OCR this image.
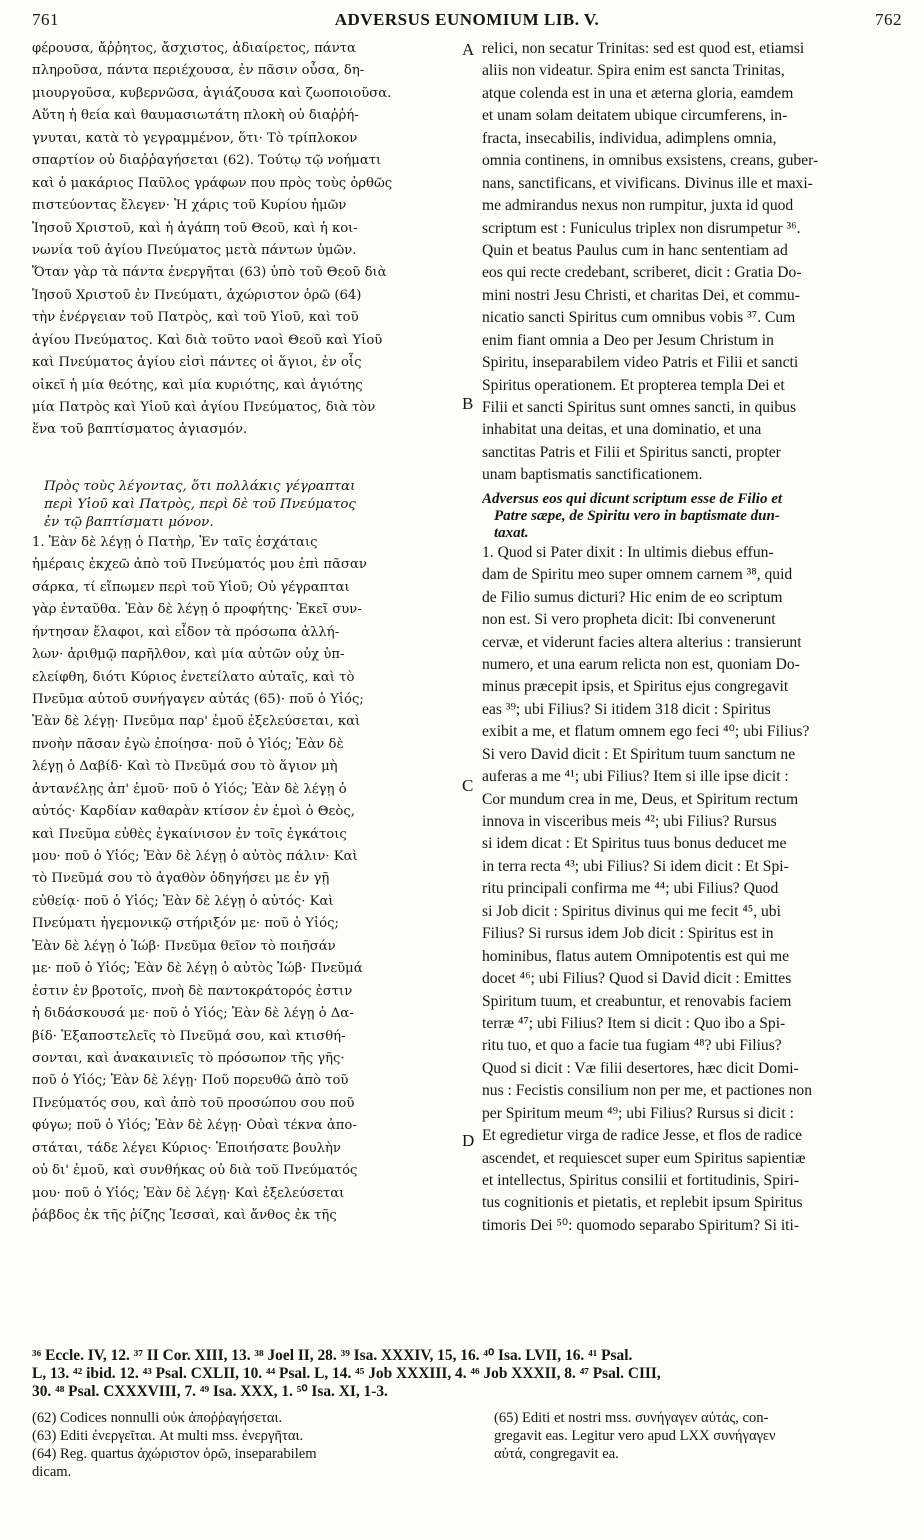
761	ADVERSUS EUNOMIUM LIB. V.	762
A
B
C
D
φέρουσα, ἄῤῥητος, ἄσχιστος, ἀδιαίρετος, πάντα
πληροῦσα, πάντα περιέχουσα, ἐν πᾶσιν οὖσα, δη-
μιουργοῦσα, κυβερνῶσα, ἁγιάζουσα καὶ ζωοποιοῦσα.
Αὕτη ἡ θεία καὶ θαυμασιωτάτη πλοκὴ οὐ διαῤῥή-
γνυται, κατὰ τὸ γεγραμμένον, ὅτι· Τὸ τρίπλοκον
σπαρτίον οὐ διαῤῥαγήσεται (62). Τούτῳ τῷ νοήματι
καὶ ὁ μακάριος Παῦλος γράφων που πρὸς τοὺς ὀρθῶς
πιστεύοντας ἔλεγεν· Ἡ χάρις τοῦ Κυρίου ἡμῶν
Ἰησοῦ Χριστοῦ, καὶ ἡ ἀγάπη τοῦ Θεοῦ, καὶ ἡ κοι-
νωνία τοῦ ἁγίου Πνεύματος μετὰ πάντων ὑμῶν.
Ὅταν γὰρ τὰ πάντα ἐνεργῆται (63) ὑπὸ τοῦ Θεοῦ διὰ
Ἰησοῦ Χριστοῦ ἐν Πνεύματι, ἀχώριστον ὁρῶ (64)
τὴν ἐνέργειαν τοῦ Πατρὸς, καὶ τοῦ Υἱοῦ, καὶ τοῦ
ἁγίου Πνεύματος. Καὶ διὰ τοῦτο ναοὶ Θεοῦ καὶ Υἱοῦ
καὶ Πνεύματος ἁγίου εἰσὶ πάντες οἱ ἅγιοι, ἐν οἷς
οἰκεῖ ἡ μία θεότης, καὶ μία κυριότης, καὶ ἁγιότης
μία Πατρὸς καὶ Υἱοῦ καὶ ἁγίου Πνεύματος, διὰ τὸν
ἕνα τοῦ βαπτίσματος ἁγιασμόν.
Πρὸς τοὺς λέγοντας, ὅτι πολλάκις γέγραπται
περὶ Υἱοῦ καὶ Πατρὸς, περὶ δὲ τοῦ Πνεύματος
ἐν τῷ βαπτίσματι μόνον.
1. Ἐὰν δὲ λέγῃ ὁ Πατὴρ, Ἐν ταῖς ἐσχάταις
ἡμέραις ἐκχεῶ ἀπὸ τοῦ Πνεύματός μου ἐπὶ πᾶσαν
σάρκα, τί εἴπωμεν περὶ τοῦ Υἱοῦ; Οὐ γέγραπται
γὰρ ἐνταῦθα. Ἐὰν δὲ λέγῃ ὁ προφήτης· Ἐκεῖ συν-
ήντησαν ἔλαφοι, καὶ εἶδον τὰ πρόσωπα ἀλλή-
λων· ἀριθμῷ παρῆλθον, καὶ μία αὐτῶν οὐχ ὑπ-
ελείφθη, διότι Κύριος ἐνετείλατο αὐταῖς, καὶ τὸ
Πνεῦμα αὐτοῦ συνήγαγεν αὐτάς (65)· ποῦ ὁ Υἱός;
Ἐὰν δὲ λέγῃ· Πνεῦμα παρ' ἐμοῦ ἐξελεύσεται, καὶ
πνοὴν πᾶσαν ἐγὼ ἐποίησα· ποῦ ὁ Υἱός; Ἐὰν δὲ
λέγῃ ὁ Δαβίδ· Καὶ τὸ Πνεῦμά σου τὸ ἅγιον μὴ
ἀντανέλῃς ἀπ' ἐμοῦ· ποῦ ὁ Υἱός; Ἐὰν δὲ λέγῃ ὁ
αὐτός· Καρδίαν καθαρὰν κτίσον ἐν ἐμοὶ ὁ Θεὸς,
καὶ Πνεῦμα εὐθὲς ἐγκαίνισον ἐν τοῖς ἐγκάτοις
μου· ποῦ ὁ Υἱός; Ἐὰν δὲ λέγῃ ὁ αὐτὸς πάλιν· Καὶ
τὸ Πνεῦμά σου τὸ ἀγαθὸν ὁδηγήσει με ἐν γῇ
εὐθείᾳ· ποῦ ὁ Υἱός; Ἐὰν δὲ λέγῃ ὁ αὐτός· Καὶ
Πνεύματι ἡγεμονικῷ στήριξόν με· ποῦ ὁ Υἱός;
Ἐὰν δὲ λέγῃ ὁ Ἰώβ· Πνεῦμα θεῖον τὸ ποιῆσάν
με· ποῦ ὁ Υἱός; Ἐὰν δὲ λέγῃ ὁ αὐτὸς Ἰώβ· Πνεῦμά
ἐστιν ἐν βροτοῖς, πνοὴ δὲ παντοκράτορός ἐστιν
ἡ διδάσκουσά με· ποῦ ὁ Υἱός; Ἐὰν δὲ λέγῃ ὁ Δα-
βίδ· Ἐξαποστελεῖς τὸ Πνεῦμά σου, καὶ κτισθή-
σονται, καὶ ἀνακαινιεῖς τὸ πρόσωπον τῆς γῆς·
ποῦ ὁ Υἱός; Ἐὰν δὲ λέγῃ· Ποῦ πορευθῶ ἀπὸ τοῦ
Πνεύματός σου, καὶ ἀπὸ τοῦ προσώπου σου ποῦ
φύγω; ποῦ ὁ Υἱός; Ἐὰν δὲ λέγῃ· Οὐαὶ τέκνα ἀπο-
στάται, τάδε λέγει Κύριος· Ἐποιήσατε βουλὴν
οὐ δι' ἐμοῦ, καὶ συνθήκας οὐ διὰ τοῦ Πνεύματός
μου· ποῦ ὁ Υἱός; Ἐὰν δὲ λέγῃ· Καὶ ἐξελεύσεται
ῥάβδος ἐκ τῆς ῥίζης Ἰεσσαὶ, καὶ ἄνθος ἐκ τῆς
relici, non secatur Trinitas: sed est quod est, etiamsi
aliis non videatur. Spira enim est sancta Trinitas,
atque colenda est in una et æterna gloria, eamdem
et unam solam deitatem ubique circumferens, in-
fracta, insecabilis, individua, adimplens omnia,
omnia continens, in omnibus exsistens, creans, guber-
nans, sanctificans, et vivificans. Divinus ille et maxi-
me admirandus nexus non rumpitur, juxta id quod
scriptum est : Funiculus triplex non disrumpetur ³⁶.
Quin et beatus Paulus cum in hanc sententiam ad
eos qui recte credebant, scriberet, dicit : Gratia Do-
mini nostri Jesu Christi, et charitas Dei, et commu-
nicatio sancti Spiritus cum omnibus vobis ³⁷. Cum
enim fiant omnia a Deo per Jesum Christum in
Spiritu, inseparabilem video Patris et Filii et sancti
Spiritus operationem. Et propterea templa Dei et
Filii et sancti Spiritus sunt omnes sancti, in quibus
inhabitat una deitas, et una dominatio, et una
sanctitas Patris et Filii et Spiritus sancti, propter
unam baptismatis sanctificationem.
Adversus eos qui dicunt scriptum esse de Filio et
Patre sæpe, de Spiritu vero in baptismate dun-
taxat.
1. Quod si Pater dixit : In ultimis diebus effun-
dam de Spiritu meo super omnem carnem ³⁸, quid
de Filio sumus dicturi? Hic enim de eo scriptum
non est. Si vero propheta dicit: Ibi convenerunt
cervæ, et viderunt facies altera alterius : transierunt
numero, et una earum relicta non est, quoniam Do-
minus præcepit ipsis, et Spiritus ejus congregavit
eas ³⁹; ubi Filius? Si itidem 318 dicit : Spiritus
exibit a me, et flatum omnem ego feci ⁴⁰; ubi Filius?
Si vero David dicit : Et Spiritum tuum sanctum ne
auferas a me ⁴¹; ubi Filius? Item si ille ipse dicit :
Cor mundum crea in me, Deus, et Spiritum rectum
innova in visceribus meis ⁴²; ubi Filius? Rursus
si idem dicat : Et Spiritus tuus bonus deducet me
in terra recta ⁴³; ubi Filius? Si idem dicit : Et Spi-
ritu principali confirma me ⁴⁴; ubi Filius? Quod
si Job dicit : Spiritus divinus qui me fecit ⁴⁵, ubi
Filius? Si rursus idem Job dicit : Spiritus est in
hominibus, flatus autem Omnipotentis est qui me
docet ⁴⁶; ubi Filius? Quod si David dicit : Emittes
Spiritum tuum, et creabuntur, et renovabis faciem
terræ ⁴⁷; ubi Filius? Item si dicit : Quo ibo a Spi-
ritu tuo, et quo a facie tua fugiam ⁴⁸? ubi Filius?
Quod si dicit : Væ filii desertores, hæc dicit Domi-
nus : Fecistis consilium non per me, et pactiones non
per Spiritum meum ⁴⁹; ubi Filius? Rursus si dicit :
Et egredietur virga de radice Jesse, et flos de radice
ascendet, et requiescet super eum Spiritus sapientiæ
et intellectus, Spiritus consilii et fortitudinis, Spiri-
tus cognitionis et pietatis, et replebit ipsum Spiritus
timoris Dei ⁵⁰: quomodo separabo Spiritum? Si iti-
³⁶ Eccle. IV, 12. ³⁷ II Cor. XIII, 13. ³⁸ Joel II, 28. ³⁹ Isa. XXXIV, 15, 16. ⁴⁰ Isa. LVII, 16. ⁴¹ Psal.
L, 13. ⁴² ibid. 12. ⁴³ Psal. CXLII, 10. ⁴⁴ Psal. L, 14. ⁴⁵ Job XXXIII, 4. ⁴⁶ Job XXXII, 8. ⁴⁷ Psal. CIII,
30. ⁴⁸ Psal. CXXXVIII, 7. ⁴⁹ Isa. XXX, 1. ⁵⁰ Isa. XI, 1-3.
(62) Codices nonnulli οὐκ ἀποῤῥαγήσεται.
(63) Editi ἐνεργεῖται. At multi mss. ἐνεργῆται.
(64) Reg. quartus ἀχώριστον ὁρῶ, inseparabilem
dicam.
(65) Editi et nostri mss. συνήγαγεν αὐτάς, con-
gregavit eas. Legitur vero apud LXX συνήγαγεν
αὐτά, congregavit ea.
